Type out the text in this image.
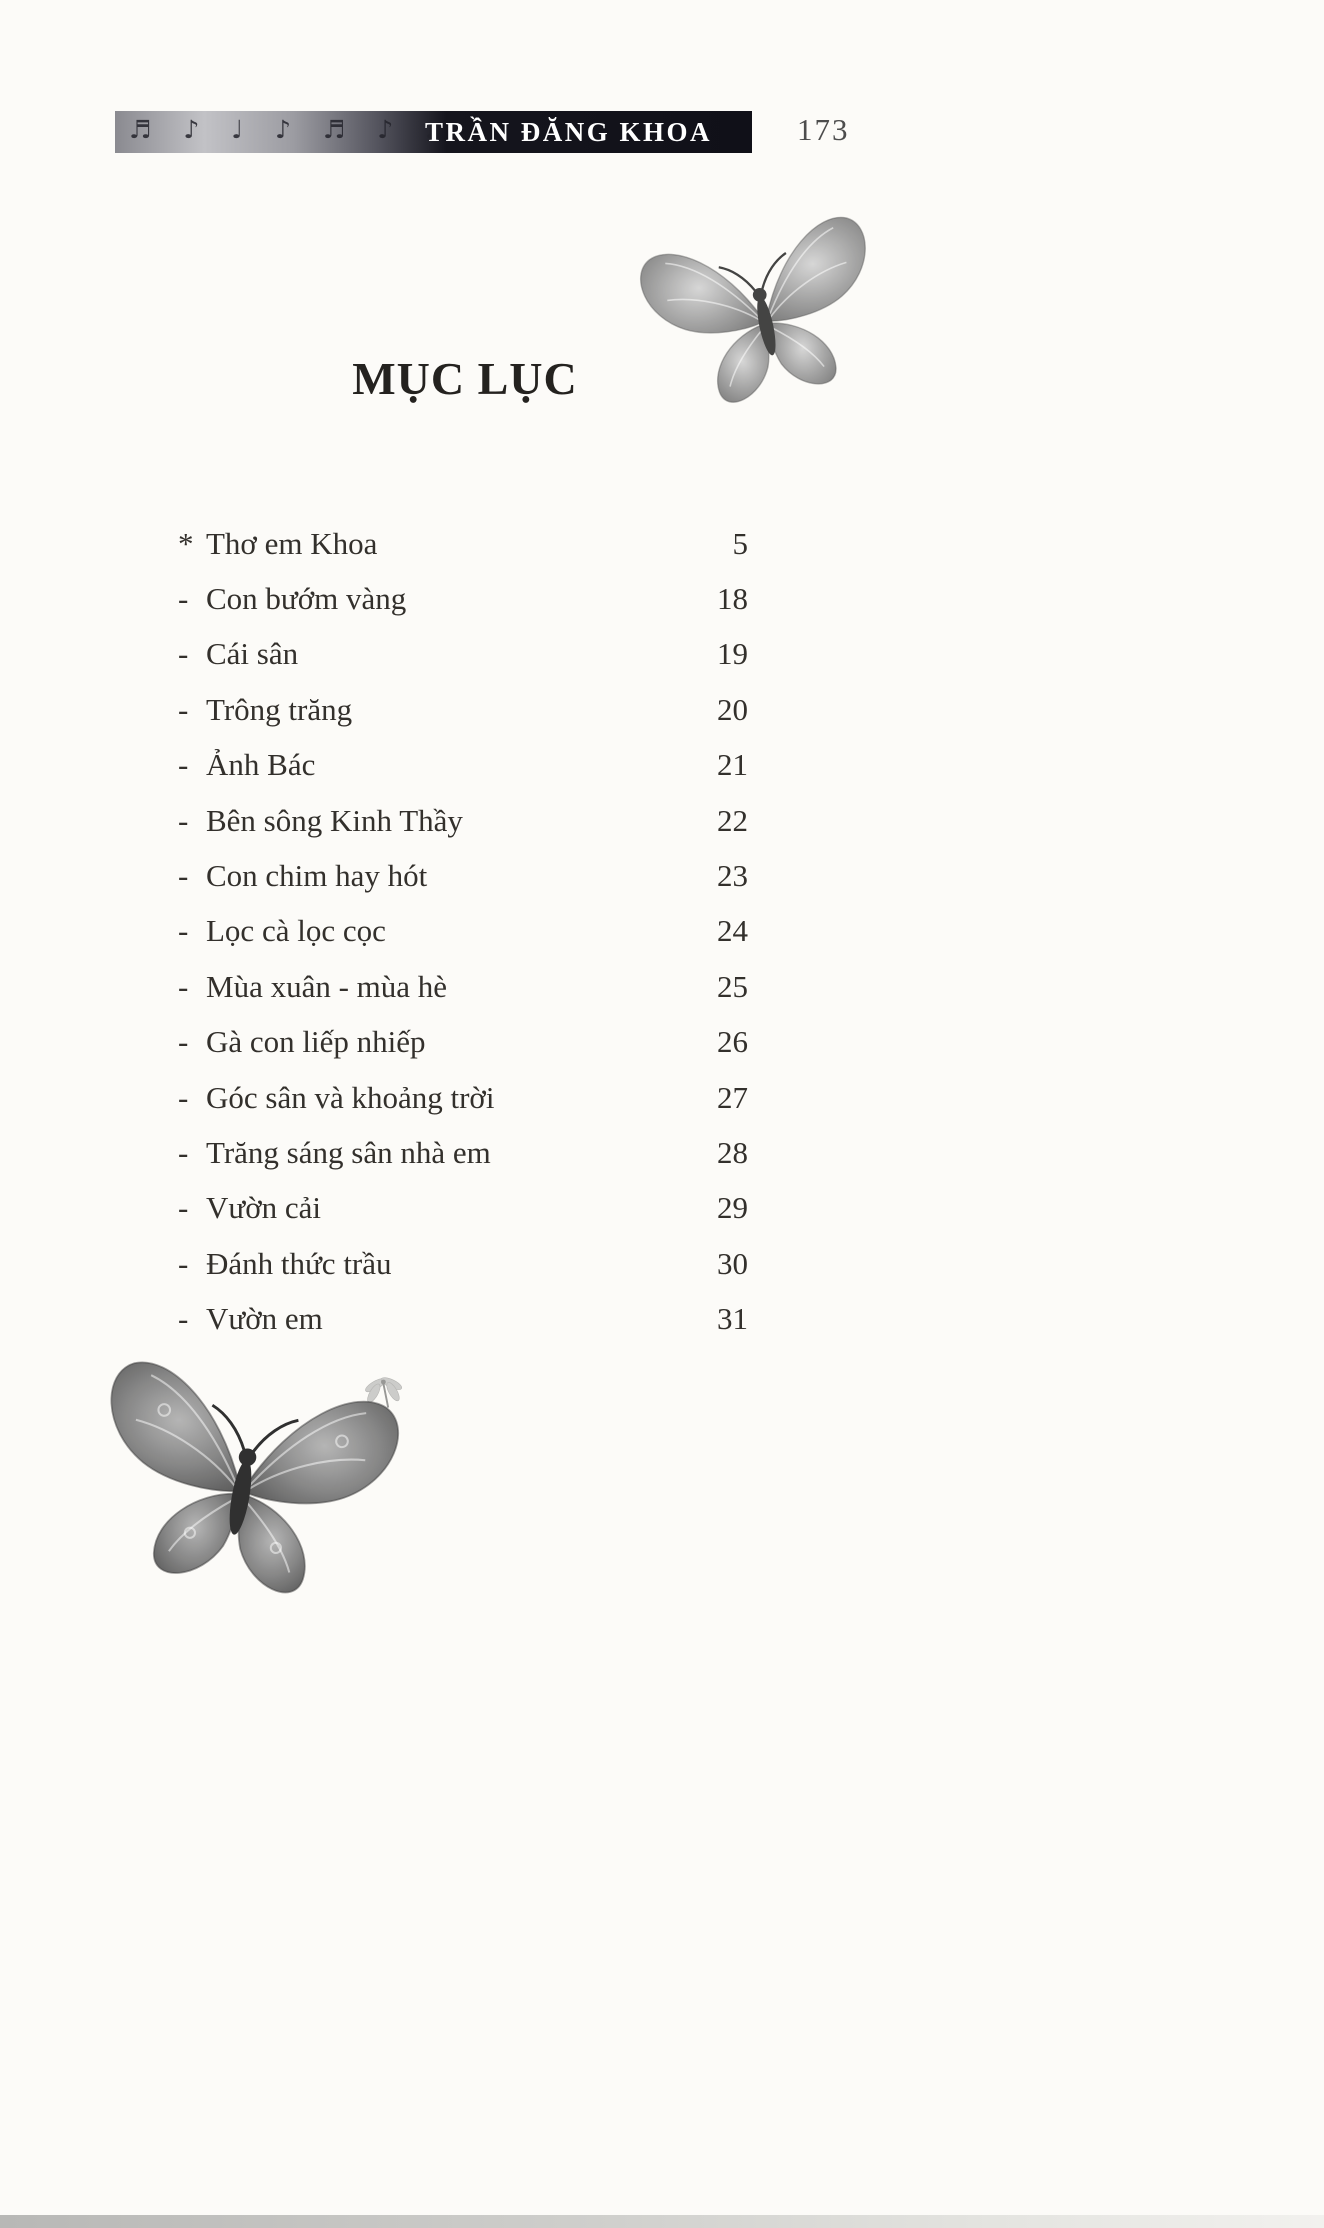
♬ ♪ ♩ ♪ ♬ ♪ ♩
TRẦN ĐĂNG KHOA	173
MỤC LỤC
* Thơ em Khoa	5
- Con bướm vàng	18
- Cái sân	19
- Trông trăng	20
- Ảnh Bác	21
- Bên sông Kinh Thầy	22
- Con chim hay hót	23
- Lọc cà lọc cọc	24
- Mùa xuân - mùa hè	25
- Gà con liếp nhiếp	26
- Góc sân và khoảng trời	27
- Trăng sáng sân nhà em	28
- Vườn cải	29
- Đánh thức trầu	30
- Vườn em	31
